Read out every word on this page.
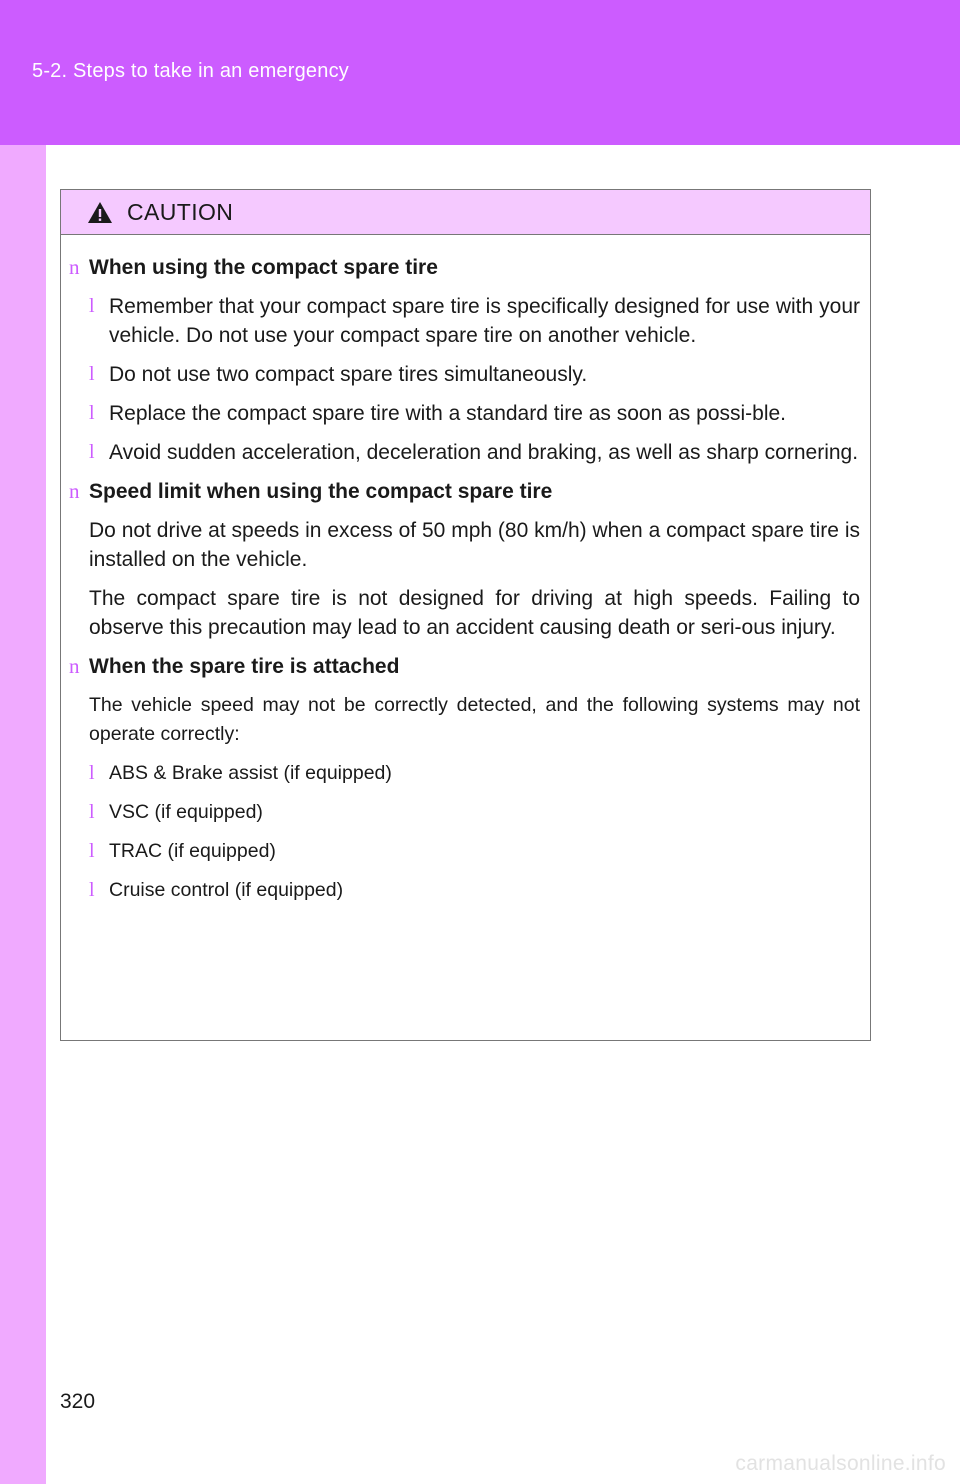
5-2. Steps to take in an emergency
CAUTION
n When using the compact spare tire
l Remember that your compact spare tire is specifically designed for use with your vehicle. Do not use your compact spare tire on another vehicle.
l Do not use two compact spare tires simultaneously.
l Replace the compact spare tire with a standard tire as soon as possi-ble.
l Avoid sudden acceleration, deceleration and braking, as well as sharp cornering.
n Speed limit when using the compact spare tire
Do not drive at speeds in excess of 50 mph (80 km/h) when a compact spare tire is installed on the vehicle.
The compact spare tire is not designed for driving at high speeds. Failing to observe this precaution may lead to an accident causing death or seri-ous injury.
n When the spare tire is attached
The vehicle speed may not be correctly detected, and the following systems may not operate correctly:
l ABS & Brake assist (if equipped)
l VSC (if equipped)
l TRAC (if equipped)
l Cruise control (if equipped)
320
carmanualsonline.info
